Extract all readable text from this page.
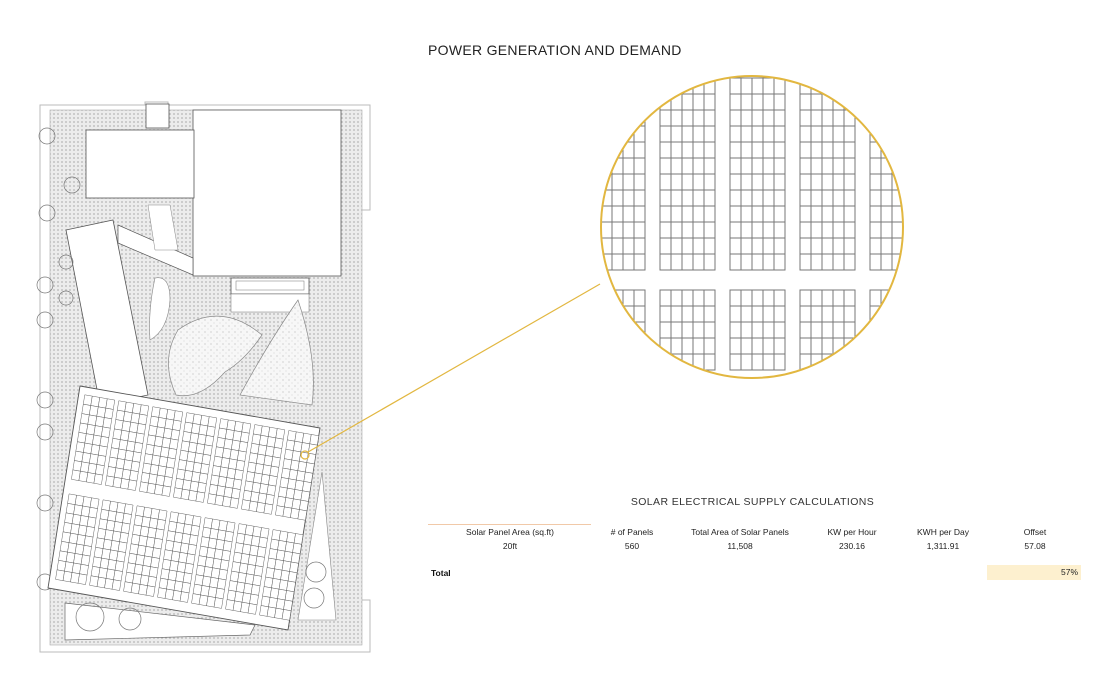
POWER GENERATION AND DEMAND
SOLAR ELECTRICAL SUPPLY CALCULATIONS
Solar Panel Area (sq.ft)
20ft
# of Panels
560
Total Area of Solar Panels
11,508
KW per Hour
230.16
KWH per Day
1,311.91
Offset
57.08
Total	57%
